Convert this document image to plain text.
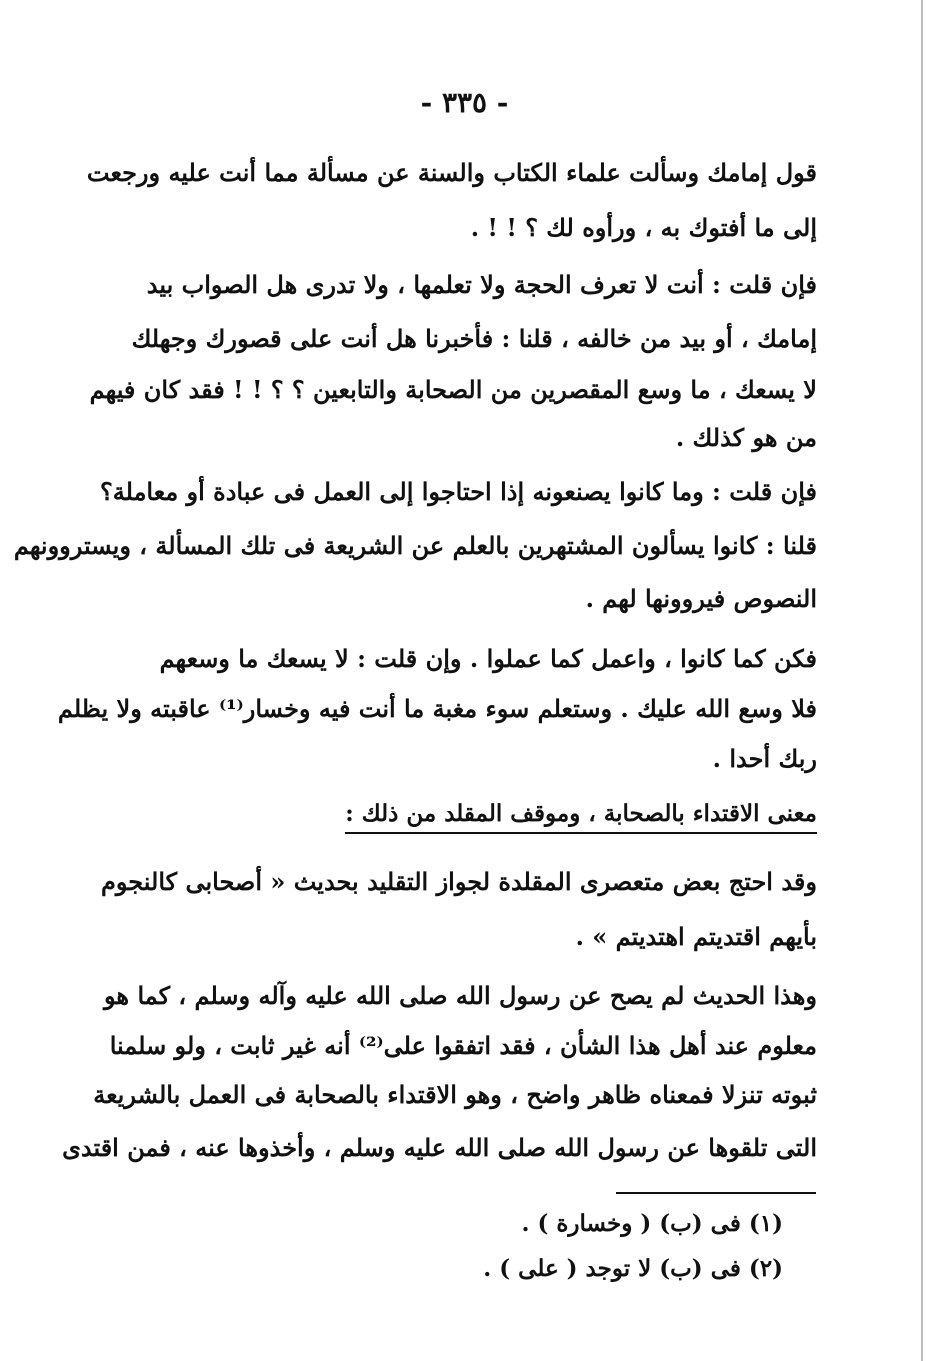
- ٣٣٥ -
قول إمامك وسألت علماء الكتاب والسنة عن مسألة مما أنت عليه ورجعت
إلى ما أفتوك به ، ورأوه لك ؟ ! ! .
فإن قلت : أنت لا تعرف الحجة ولا تعلمها ، ولا تدرى هل الصواب بيد
إمامك ، أو بيد من خالفه ، قلنا : فأخبرنا هل أنت على قصورك وجهلك
لا يسعك ، ما وسع المقصرين من الصحابة والتابعين ؟ ؟ ! ! فقد كان فيهم
من هو كذلك .
فإن قلت : وما كانوا يصنعونه إذا احتاجوا إلى العمل فى عبادة أو معاملة؟
قلنا : كانوا يسألون المشتهرين بالعلم عن الشريعة فى تلك المسألة ، ويستروونهم
النصوص فيروونها لهم .
فكن كما كانوا ، واعمل كما عملوا . وإن قلت : لا يسعك ما وسعهم
فلا وسع الله عليك . وستعلم سوء مغبة ما أنت فيه وخسار⁽¹⁾ عاقبته ولا يظلم
ربك أحدا .
معنى الاقتداء بالصحابة ، وموقف المقلد من ذلك :
وقد احتج بعض متعصرى المقلدة لجواز التقليد بحديث « أصحابى كالنجوم
بأيهم اقتديتم اهتديتم » .
وهذا الحديث لم يصح عن رسول الله صلى الله عليه وآله وسلم ، كما هو
معلوم عند أهل هذا الشأن ، فقد اتفقوا على⁽²⁾ أنه غير ثابت ، ولو سلمنا
ثبوته تنزلا فمعناه ظاهر واضح ، وهو الاقتداء بالصحابة فى العمل بالشريعة
التى تلقوها عن رسول الله صلى الله عليه وسلم ، وأخذوها عنه ، فمن اقتدى
(١) فى (ب) ( وخسارة ) .
(٢) فى (ب) لا توجد ( على ) .
